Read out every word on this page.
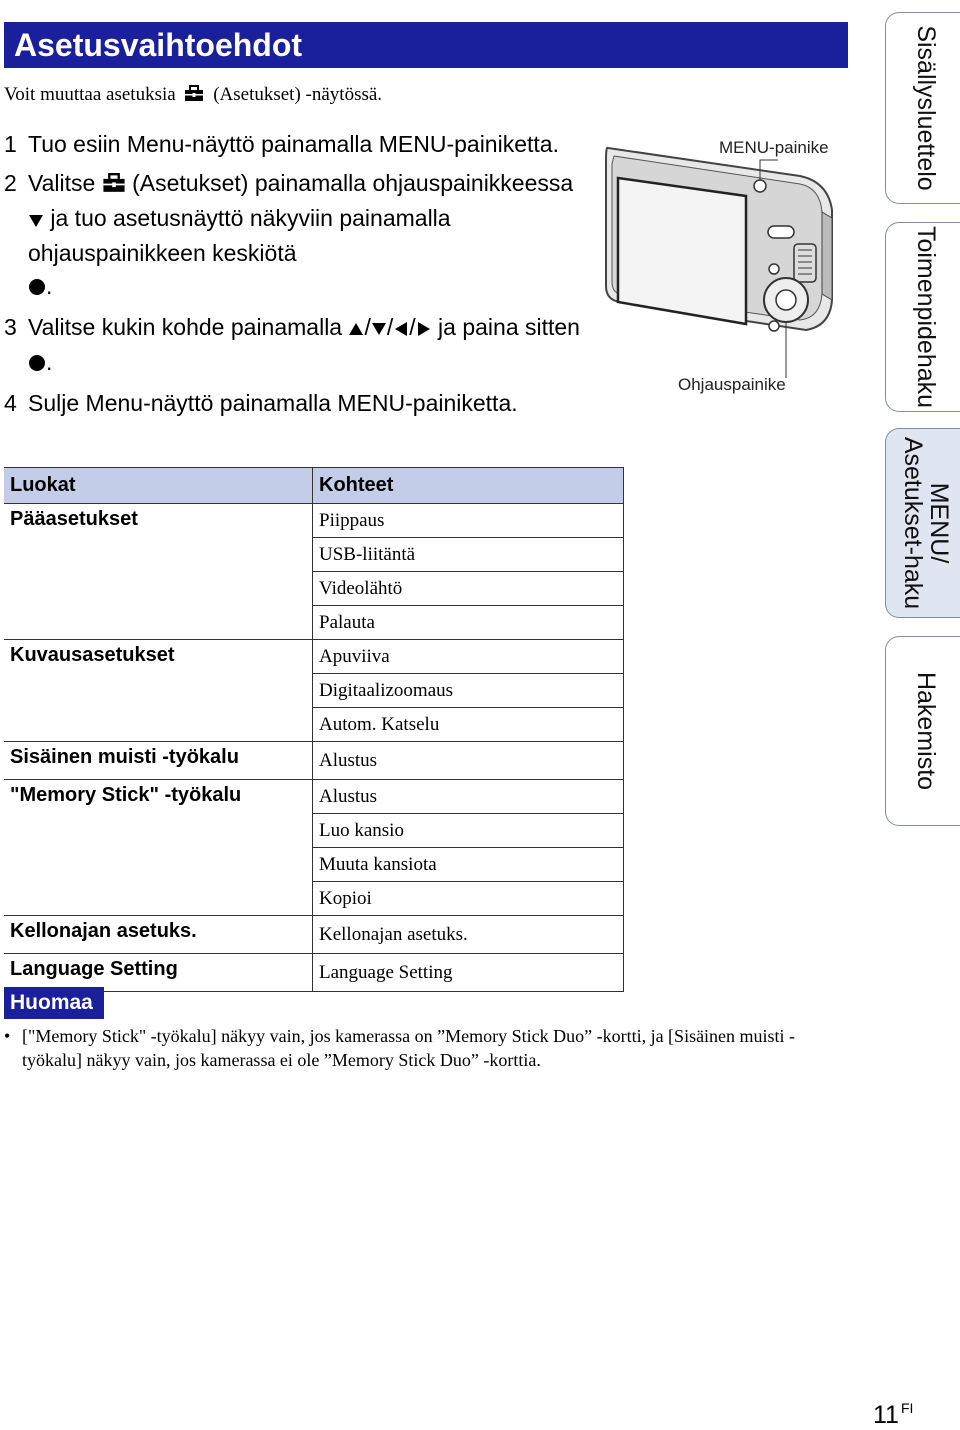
Asetusvaihtoehdot
Voit muuttaa asetuksia (Asetukset) -näytössä.
1 Tuo esiin Menu-näyttö painamalla MENU-painiketta.
2 Valitse (Asetukset) painamalla ohjauspainikkeessa  ja tuo asetusnäyttö näkyviin painamalla ohjauspainikkeen keskiötä
.
3 Valitse kukin kohde painamalla / / / ja paina sitten .
4 Sulje Menu-näyttö painamalla MENU-painiketta.
MENU-painike
Ohjauspainike
Luokat	Kohteet
Pääasetukset	Piippaus
	USB-liitäntä
	Videolähtö
	Palauta
Kuvausasetukset	Apuviiva
	Digitaalizoomaus
	Autom. Katselu
Sisäinen muisti -työkalu	Alustus
"Memory Stick" -työkalu	Alustus
	Luo kansio
	Muuta kansiota
	Kopioi
Kellonajan asetuks.	Kellonajan asetuks.
Language Setting	Language Setting
Huomaa
• ["Memory Stick" -työkalu] näkyy vain, jos kamerassa on ”Memory Stick Duo” -kortti, ja [Sisäinen muisti -työkalu] näkyy vain, jos kamerassa ei ole ”Memory Stick Duo” -korttia.
Sisällysluettelo
Toimenpidehaku
MENU/
Asetukset-haku
Hakemisto
11 $^{FI}$
